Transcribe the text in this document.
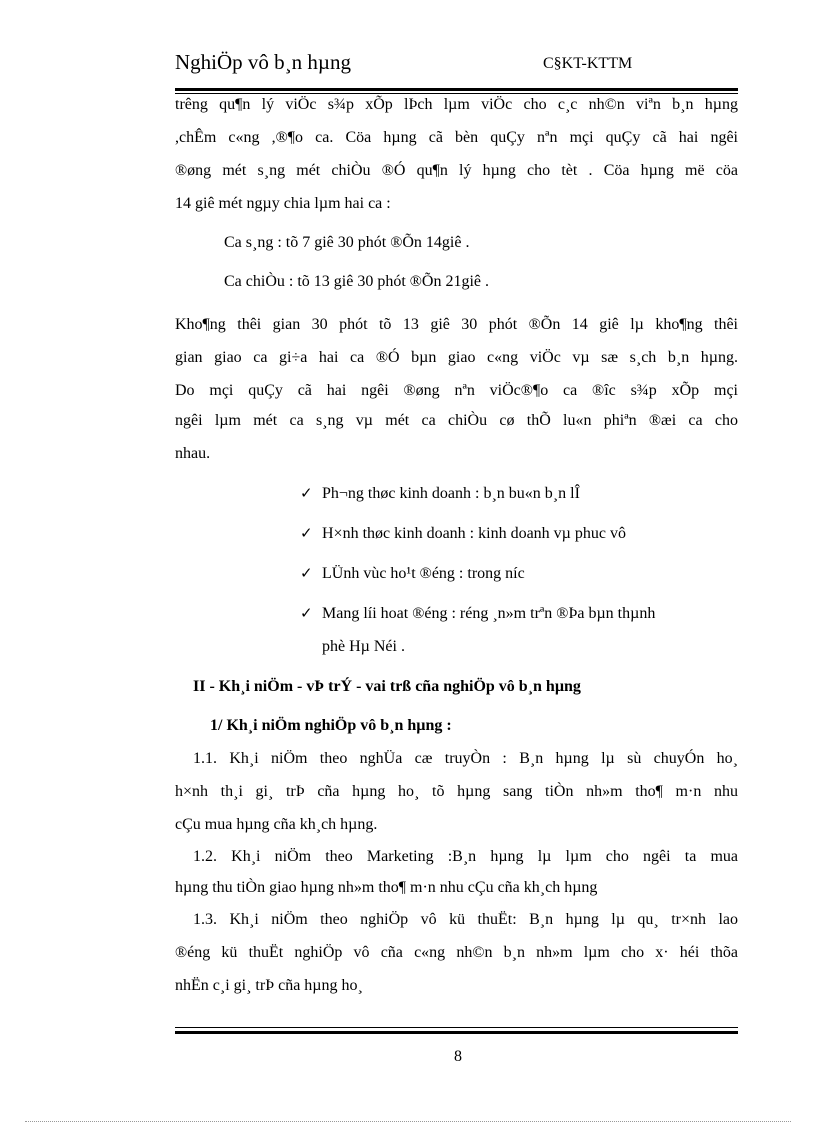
NghiÖp vô b¸n hµng	C§KT-KTTM
trêng qu¶n lý viÖc s¾p xÕp lÞch lµm viÖc cho c¸c nh©n viªn b¸n hµng
,chÊm c«ng ,®¶o ca. Cöa hµng cã bèn quÇy nªn mçi quÇy cã hai ngêi
®øng mét s¸ng mét chiÒu ®Ó qu¶n lý hµng cho tèt . Cöa hµng më cöa
14 giê mét ngµy chia lµm hai ca :
Ca s¸ng : tõ 7 giê 30 phót ®Õn 14giê .
Ca chiÒu : tõ 13 giê 30 phót ®Õn 21giê .
Kho¶ng thêi gian 30 phót tõ 13 giê 30 phót ®Õn 14 giê lµ kho¶ng thêi
gian giao ca gi÷a hai ca ®Ó bµn giao c«ng viÖc vµ sæ s¸ch b¸n hµng.
Do mçi quÇy cã hai ngêi ®øng nªn viÖc®¶o ca ®îc s¾p xÕp mçi
ngêi lµm mét ca s¸ng vµ mét ca chiÒu cø thÕ lu«n phiªn ®æi ca cho
nhau.
✓ Ph¬ng thøc kinh doanh : b¸n bu«n b¸n lÎ
✓ H×nh thøc kinh doanh : kinh doanh vµ phuc vô
✓ LÜnh vùc ho¹t ®éng : trong níc
✓ Mang líi hoat ®éng : réng ¸n»m trªn ®Þa bµn thµnh
phè Hµ Néi .
II - Kh¸i niÖm - vÞ trÝ - vai trß cña nghiÖp vô b¸n hµng
1/ Kh¸i niÖm nghiÖp vô b¸n hµng :
1.1. Kh¸i niÖm theo nghÜa cæ truyÒn : B¸n hµng lµ sù chuyÓn ho¸
h×nh th¸i gi¸ trÞ cña hµng ho¸ tõ hµng sang tiÒn nh»m tho¶ m·n nhu
cÇu mua hµng cña kh¸ch hµng.
1.2. Kh¸i niÖm theo Marketing :B¸n hµng lµ lµm cho ngêi ta mua
hµng thu tiÒn giao hµng nh»m tho¶ m·n nhu cÇu cña kh¸ch hµng
1.3. Kh¸i niÖm theo nghiÖp vô kü thuËt: B¸n hµng lµ qu¸ tr×nh lao
®éng kü thuËt nghiÖp vô cña c«ng nh©n b¸n nh»m lµm cho x· héi thõa
nhËn c¸i gi¸ trÞ cña hµng ho¸
8
